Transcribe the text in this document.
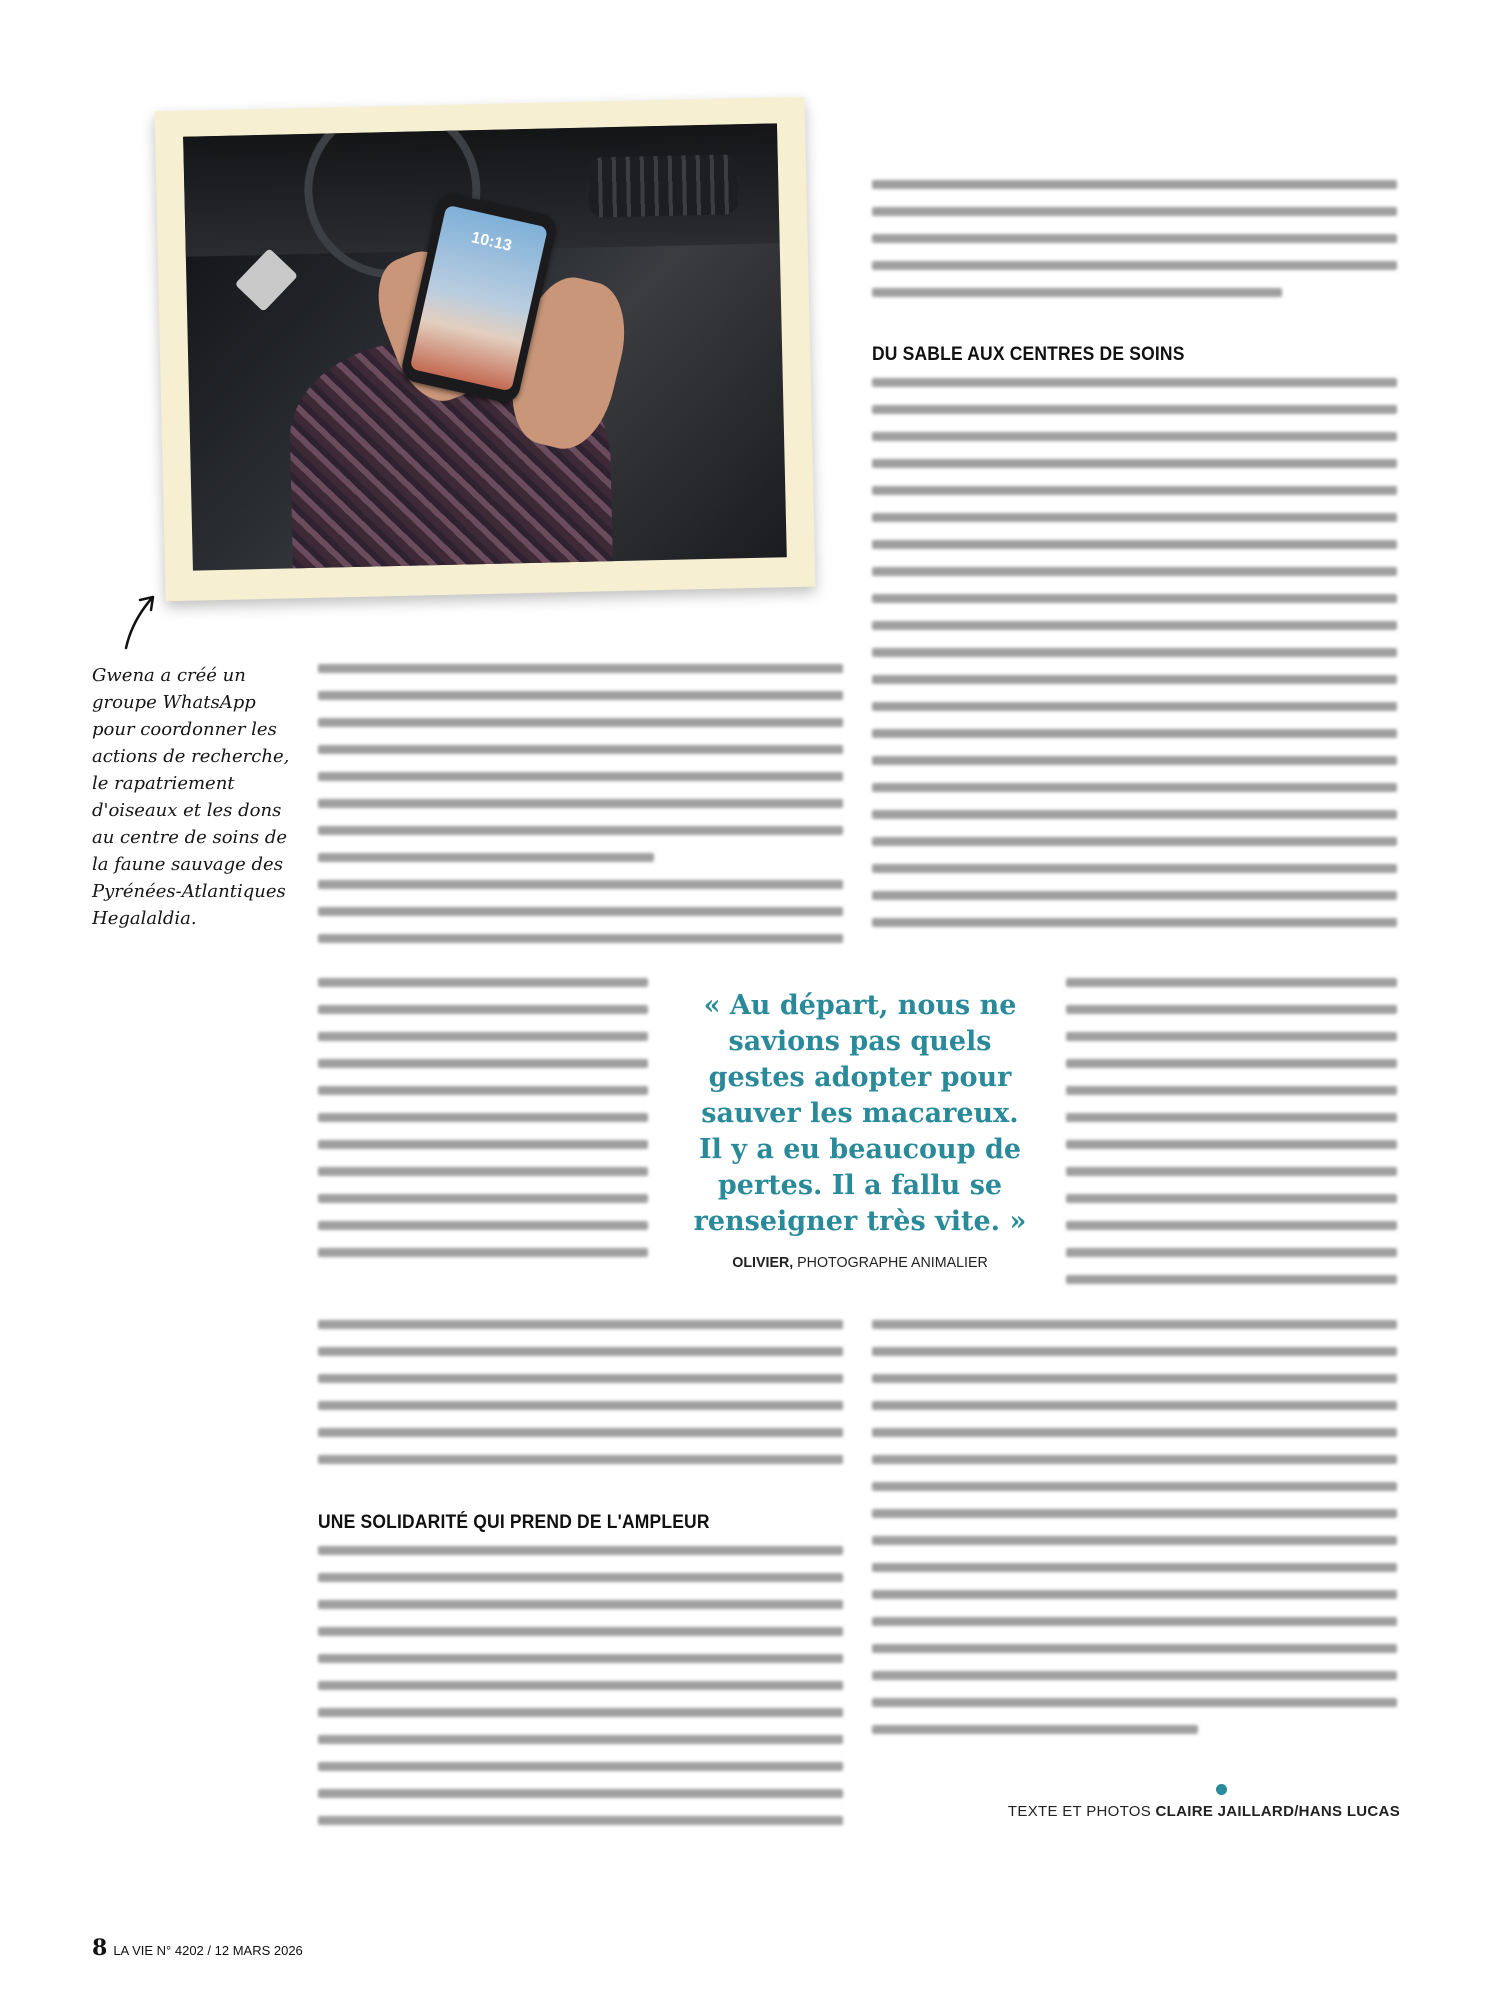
10:13
Gwena a créé un groupe WhatsApp pour coordonner les actions de recherche, le rapatriement d'oiseaux et les dons au centre de soins de la faune sauvage des Pyrénées-Atlantiques Hegalaldia.
DU SABLE AUX CENTRES DE SOINS
TEXTE ET PHOTOS CLAIRE JAILLARD/HANS LUCAS
UNE SOLIDARITÉ QUI PREND DE L'AMPLEUR
« Au départ, nous ne savions pas quels gestes adopter pour sauver les macareux. Il y a eu beaucoup de pertes. Il a fallu se renseigner très vite. »
OLIVIER, PHOTOGRAPHE ANIMALIER
8 LA VIE N° 4202 / 12 MARS 2026
